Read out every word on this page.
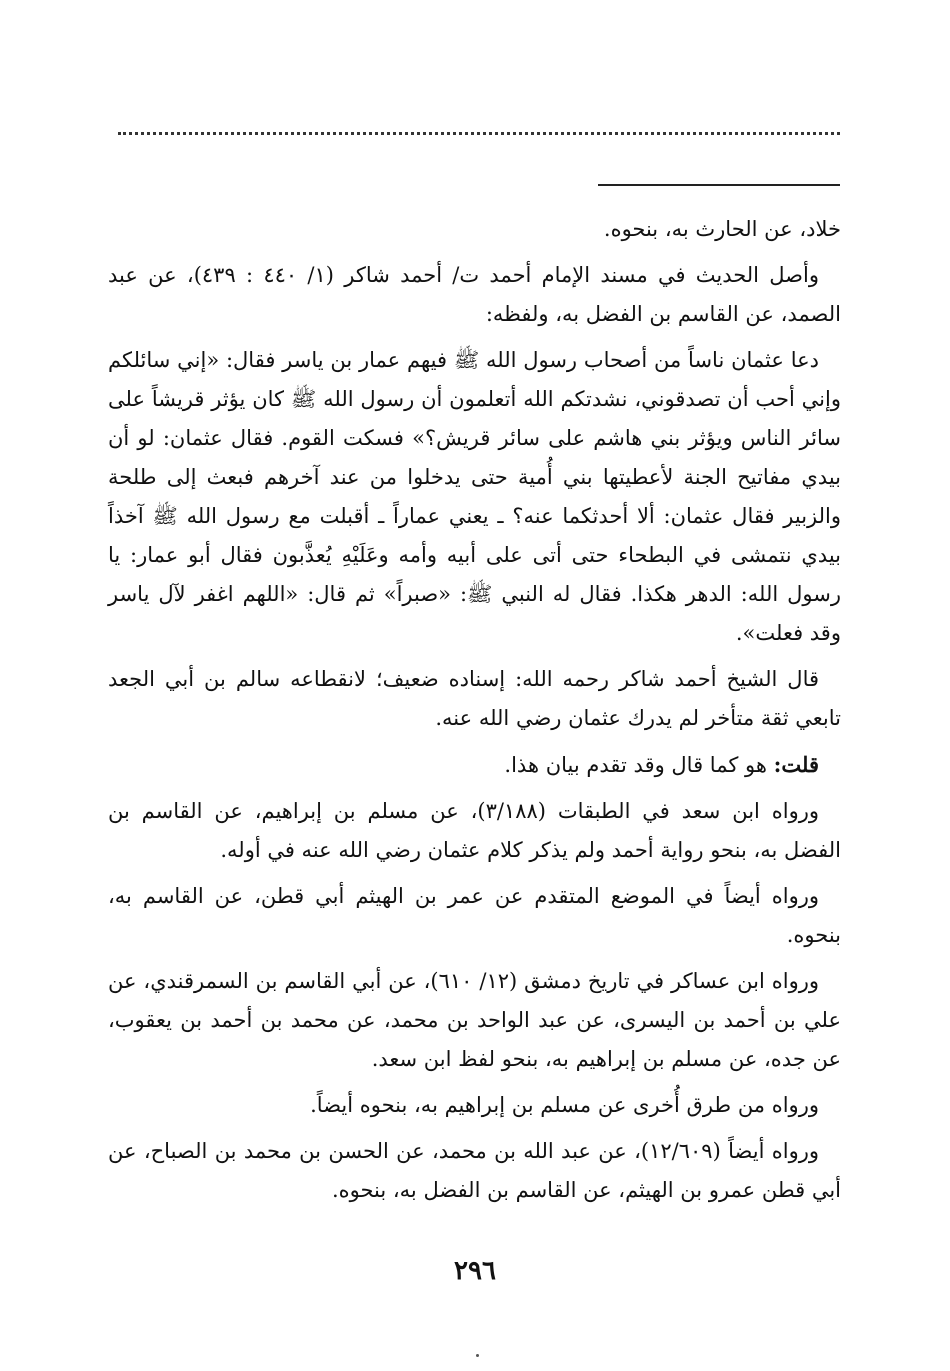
خلاد، عن الحارث به، بنحوه.

وأصل الحديث في مسند الإمام أحمد ت/ أحمد شاكر (١/ ٤٤٠ : ٤٣٩)، عن عبد الصمد، عن القاسم بن الفضل به، ولفظه:

دعا عثمان ناساً من أصحاب رسول الله ﷺ فيهم عمار بن ياسر فقال: «إني سائلكم وإني أحب أن تصدقوني، نشدتكم الله أتعلمون أن رسول الله ﷺ كان يؤثر قريشاً على سائر الناس ويؤثر بني هاشم على سائر قريش؟» فسكت القوم. فقال عثمان: لو أن بيدي مفاتيح الجنة لأعطيتها بني أُمية حتى يدخلوا من عند آخرهم فبعث إلى طلحة والزبير فقال عثمان: ألا أحدثكما عنه؟ ـ يعني عماراً ـ أقبلت مع رسول الله ﷺ آخذاً بيدي نتمشى في البطحاء حتى أتى على أبيه وأمه وعَلَيْهِ يُعذَّبون فقال أبو عمار: يا رسول الله: الدهر هكذا. فقال له النبي ﷺ: «صبراً» ثم قال: «اللهم اغفر لآل ياسر وقد فعلت».

قال الشيخ أحمد شاكر رحمه الله: إسناده ضعيف؛ لانقطاعه سالم بن أبي الجعد تابعي ثقة متأخر لم يدرك عثمان رضي الله عنه.

قلت: هو كما قال وقد تقدم بيان هذا.

ورواه ابن سعد في الطبقات (٣/١٨٨)، عن مسلم بن إبراهيم، عن القاسم بن الفضل به، بنحو رواية أحمد ولم يذكر كلام عثمان رضي الله عنه في أوله.

ورواه أيضاً في الموضع المتقدم عن عمر بن الهيثم أبي قطن، عن القاسم به، بنحوه.

ورواه ابن عساكر في تاريخ دمشق (١٢/ ٦١٠)، عن أبي القاسم بن السمرقندي، عن علي بن أحمد بن اليسرى، عن عبد الواحد بن محمد، عن محمد بن أحمد بن يعقوب، عن جده، عن مسلم بن إبراهيم به، بنحو لفظ ابن سعد.

ورواه من طرق أُخرى عن مسلم بن إبراهيم به، بنحوه أيضاً.

ورواه أيضاً (١٢/٦٠٩)، عن عبد الله بن محمد، عن الحسن بن محمد بن الصباح، عن أبي قطن عمرو بن الهيثم، عن القاسم بن الفضل به، بنحوه.

٢٩٦
